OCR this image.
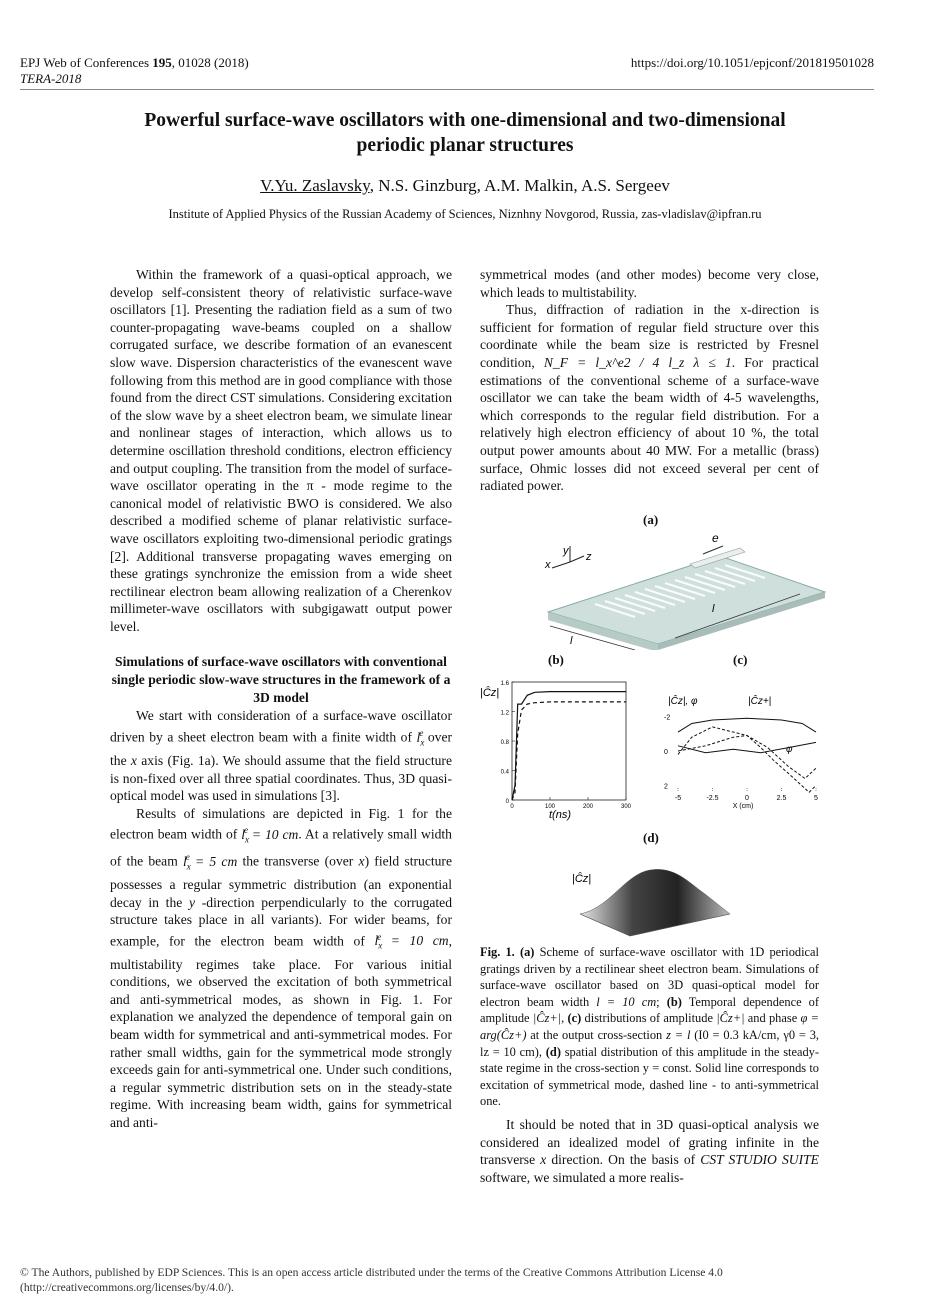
EPJ Web of Conferences 195, 01028 (2018)
TERA-2018
https://doi.org/10.1051/epjconf/201819501028
Powerful surface-wave oscillators with one-dimensional and two-dimensional periodic planar structures
V.Yu. Zaslavsky, N.S. Ginzburg, A.M. Malkin, A.S. Sergeev
Institute of Applied Physics of the Russian Academy of Sciences, Niznhny Novgorod, Russia, zas-vladislav@ipfran.ru

Within the framework of a quasi-optical approach, we develop self-consistent theory of relativistic surface-wave oscillators [1]. Presenting the radiation field as a sum of two counter-propagating wave-beams coupled on a shallow corrugated surface, we describe formation of an evanescent slow wave. Dispersion characteristics of the evanescent wave following from this method are in good compliance with those found from the direct CST simulations. Considering excitation of the slow wave by a sheet electron beam, we simulate linear and nonlinear stages of interaction, which allows us to determine oscillation threshold conditions, electron efficiency and output coupling. The transition from the model of surface-wave oscillator operating in the π - mode regime to the canonical model of relativistic BWO is considered. We also described a modified scheme of planar relativistic surface-wave oscillators exploiting two-dimensional periodic gratings [2]. Additional transverse propagating waves emerging on these gratings synchronize the emission from a wide sheet rectilinear electron beam allowing realization of a Cherenkov millimeter-wave oscillators with subgigawatt output power level.

Simulations of surface-wave oscillators with conventional single periodic slow-wave structures in the framework of a 3D model

We start with consideration of a surface-wave oscillator driven by a sheet electron beam with a finite width of $l_x^e$ over the x axis (Fig. 1a). We should assume that the field structure is non-fixed over all three spatial coordinates. Thus, 3D quasi-optical model was used in simulations [3].

Results of simulations are depicted in Fig. 1 for the electron beam width of $l_x^e = 10$ cm. At a relatively small width of the beam $l_x^e = 5$ cm the transverse (over x) field structure possesses a regular symmetric distribution (an exponential decay in the y -direction perpendicularly to the corrugated structure takes place in all variants). For wider beams, for example, for the electron beam width of $l_x^e = 10$ cm, multistability regimes take place. For various initial conditions, we observed the excitation of both symmetrical and anti-symmetrical modes, as shown in Fig. 1. For explanation we analyzed the dependence of temporal gain on beam width for symmetrical and anti-symmetrical modes. For rather small widths, gain for the symmetrical mode strongly exceeds gain for anti-symmetrical one. Under such conditions, a regular symmetric distribution sets on in the steady-state regime. With increasing beam width, gains for symmetrical and anti-

symmetrical modes (and other modes) become very close, which leads to multistability.

Thus, diffraction of radiation in the x-direction is sufficient for formation of regular field structure over this coordinate while the beam size is restricted by Fresnel condition, N_F = l_x^e2 / 4 l_z λ ≤ 1. For practical estimations of the conventional scheme of a surface-wave oscillator we can take the beam width of 4-5 wavelengths, which corresponds to the regular field distribution. For a relatively high electron efficiency of about 10 %, the total output power amounts about 40 MW. For a metallic (brass) surface, Ohmic losses did not exceed several per cent of radiated power.

(a)
e
y
x
z
l
l
(b)	(c)
|Ĉz|
0
0.4
0.8
1.2
1.6
0	100	200	300
t(ns)
|Ĉz|, φ	|Ĉz+|
φ
2
0
-2
-5	-2.5	0	2.5	5
X (cm)
(d)
|Ĉz|

Fig. 1. (a) Scheme of surface-wave oscillator with 1D periodical gratings driven by a rectilinear sheet electron beam. Simulations of surface-wave oscillator based on 3D quasi-optical model for electron beam width l = 10 cm; (b) Temporal dependence of amplitude |Ĉz+|, (c) distributions of amplitude |Ĉz+| and phase φ = arg(Ĉz+) at the output cross-section z = l (I0 = 0.3 kA/cm, γ0 = 3, lz = 10 cm), (d) spatial distribution of this amplitude in the steady-state regime in the cross-section y = const. Solid line corresponds to excitation of symmetrical mode, dashed line - to anti-symmetrical one.

It should be noted that in 3D quasi-optical analysis we considered an idealized model of grating infinite in the transverse x direction. On the basis of CST STUDIO SUITE software, we simulated a more realis-

© The Authors, published by EDP Sciences. This is an open access article distributed under the terms of the Creative Commons Attribution License 4.0
(http://creativecommons.org/licenses/by/4.0/).
